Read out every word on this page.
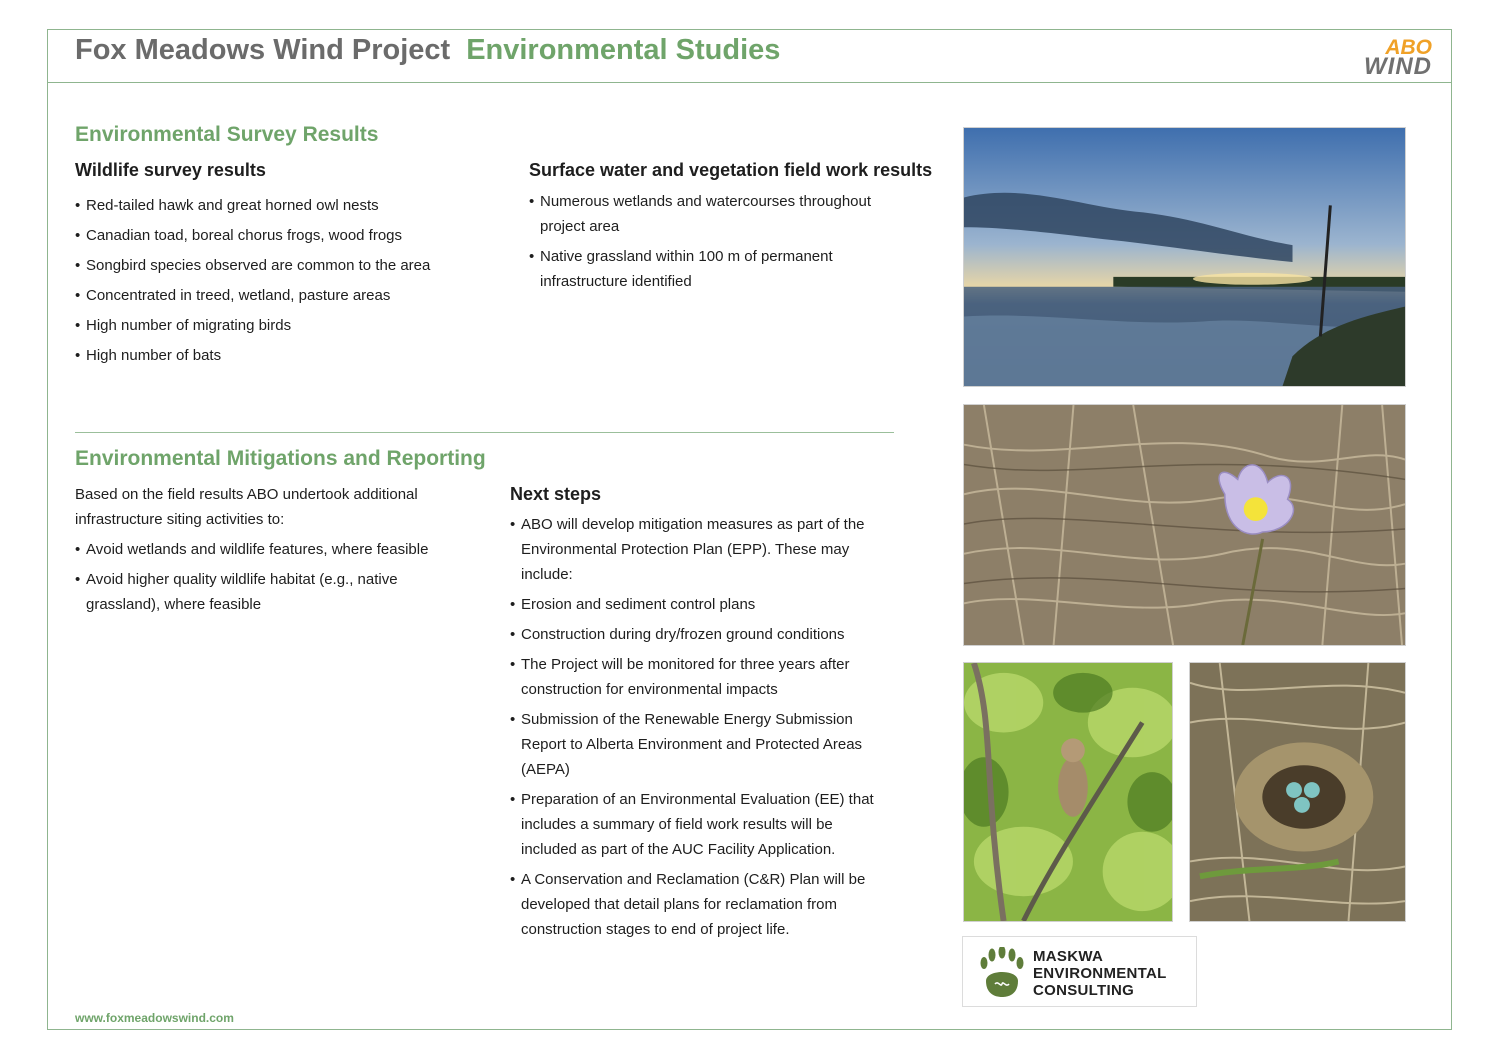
Fox Meadows Wind Project Environmental Studies	ABO
WIND
Environmental Survey Results
Wildlife survey results
• Red-tailed hawk and great horned owl nests
• Canadian toad, boreal chorus frogs, wood frogs
• Songbird species observed are common to the area
• Concentrated in treed, wetland, pasture areas
• High number of migrating birds
• High number of bats
Surface water and vegetation field work results
• Numerous wetlands and watercourses throughout project area
• Native grassland within 100 m of permanent infrastructure identified
Environmental Mitigations and Reporting
Based on the field results ABO undertook additional infrastructure siting activities to:
• Avoid wetlands and wildlife features, where feasible
• Avoid higher quality wildlife habitat (e.g., native grassland), where feasible
Next steps
• ABO will develop mitigation measures as part of the Environmental Protection Plan (EPP). These may include:
• Erosion and sediment control plans
• Construction during dry/frozen ground conditions
• The Project will be monitored for three years after construction for environmental impacts
• Submission of the Renewable Energy Submission Report to Alberta Environment and Protected Areas (AEPA)
• Preparation of an Environmental Evaluation (EE) that includes a summary of field work results will be included as part of the AUC Facility Application.
• A Conservation and Reclamation (C&R) Plan will be developed that detail plans for reclamation from construction stages to end of project life.
www.foxmeadowswind.com
MASKWA
ENVIRONMENTAL
CONSULTING
